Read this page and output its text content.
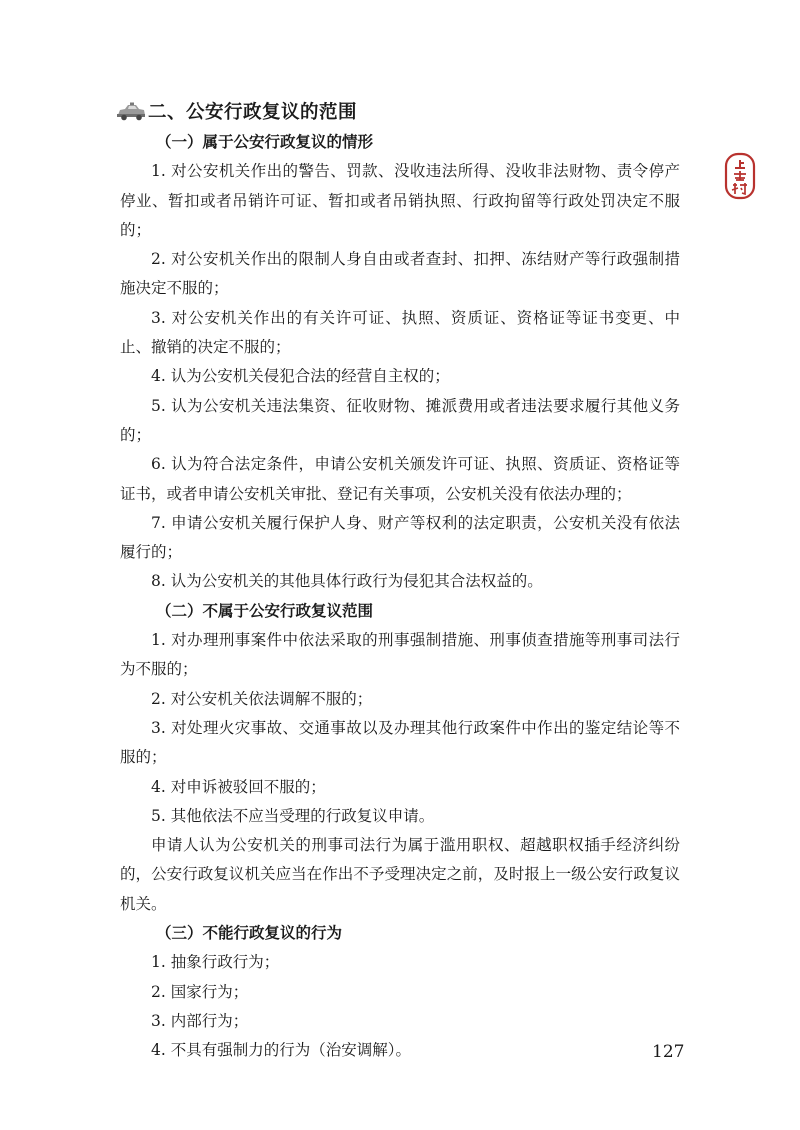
二、公安行政复议的范围

（一）属于公安行政复议的情形

1. 对公安机关作出的警告、罚款、没收违法所得、没收非法财物、责令停产停业、暂扣或者吊销许可证、暂扣或者吊销执照、行政拘留等行政处罚决定不服的；

2. 对公安机关作出的限制人身自由或者查封、扣押、冻结财产等行政强制措施决定不服的；

3. 对公安机关作出的有关许可证、执照、资质证、资格证等证书变更、中止、撤销的决定不服的；

4. 认为公安机关侵犯合法的经营自主权的；

5. 认为公安机关违法集资、征收财物、摊派费用或者违法要求履行其他义务的；

6. 认为符合法定条件，申请公安机关颁发许可证、执照、资质证、资格证等证书，或者申请公安机关审批、登记有关事项，公安机关没有依法办理的；

7. 申请公安机关履行保护人身、财产等权利的法定职责，公安机关没有依法履行的；

8. 认为公安机关的其他具体行政行为侵犯其合法权益的。

（二）不属于公安行政复议范围

1. 对办理刑事案件中依法采取的刑事强制措施、刑事侦查措施等刑事司法行为不服的；

2. 对公安机关依法调解不服的；

3. 对处理火灾事故、交通事故以及办理其他行政案件中作出的鉴定结论等不服的；

4. 对申诉被驳回不服的；

5. 其他依法不应当受理的行政复议申请。

申请人认为公安机关的刑事司法行为属于滥用职权、超越职权插手经济纠纷的，公安行政复议机关应当在作出不予受理决定之前，及时报上一级公安行政复议机关。

（三）不能行政复议的行为

1. 抽象行政行为；

2. 国家行为；

3. 内部行为；

4. 不具有强制力的行为（治安调解）。	127
